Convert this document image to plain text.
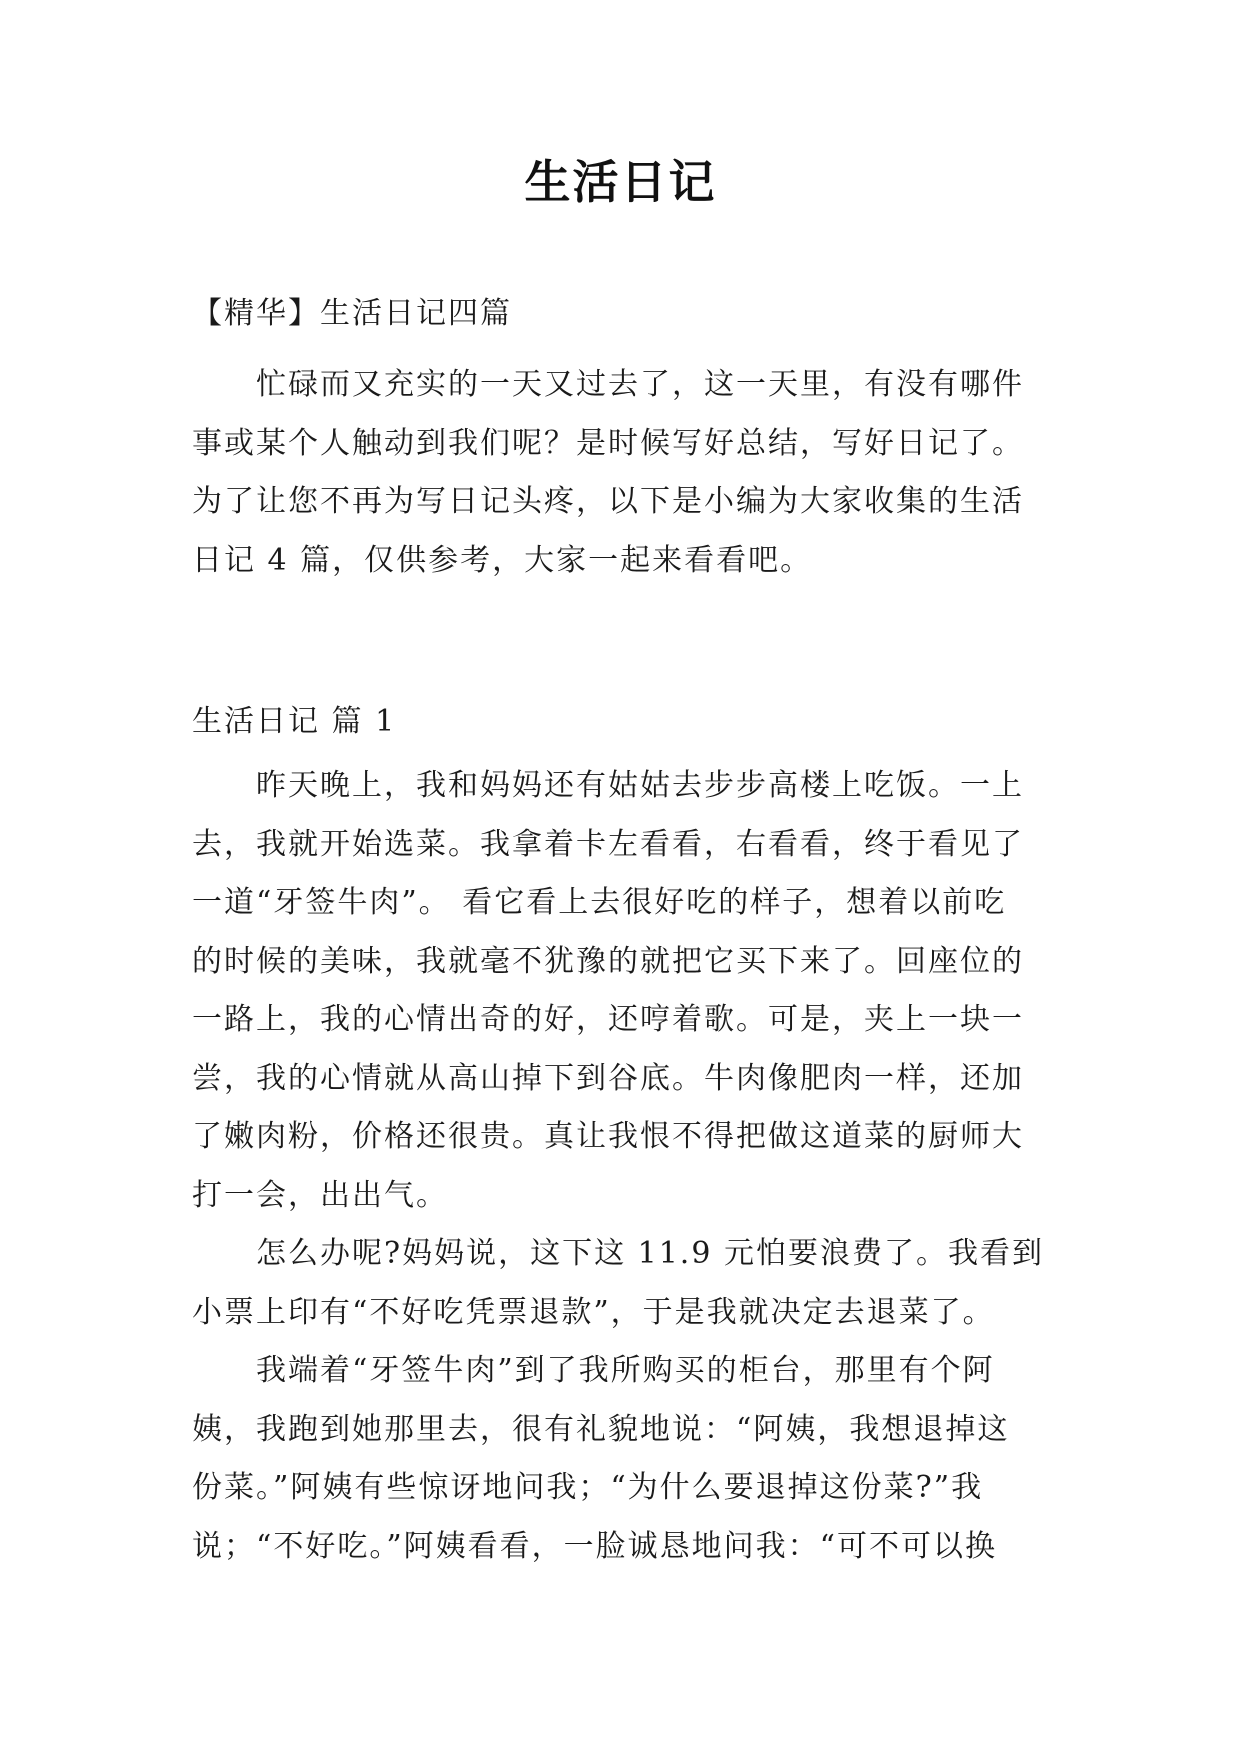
生活日记
【精华】生活日记四篇
忙碌而又充实的一天又过去了，这一天里，有没有哪件
事或某个人触动到我们呢？是时候写好总结，写好日记了。
为了让您不再为写日记头疼，以下是小编为大家收集的生活
日记 4 篇，仅供参考，大家一起来看看吧。
生活日记 篇 1
昨天晚上，我和妈妈还有姑姑去步步高楼上吃饭。一上
去，我就开始选菜。我拿着卡左看看，右看看，终于看见了
一道“牙签牛肉”。 看它看上去很好吃的样子，想着以前吃
的时候的美味，我就毫不犹豫的就把它买下来了。回座位的
一路上，我的心情出奇的好，还哼着歌。可是，夹上一块一
尝，我的心情就从高山掉下到谷底。牛肉像肥肉一样，还加
了嫩肉粉，价格还很贵。真让我恨不得把做这道菜的厨师大
打一会，出出气。
怎么办呢?妈妈说，这下这 11.9 元怕要浪费了。我看到
小票上印有“不好吃凭票退款”，于是我就决定去退菜了。
我端着“牙签牛肉”到了我所购买的柜台，那里有个阿
姨，我跑到她那里去，很有礼貌地说：“阿姨，我想退掉这
份菜。”阿姨有些惊讶地问我；“为什么要退掉这份菜?”我
说；“不好吃。”阿姨看看，一脸诚恳地问我：“可不可以换
